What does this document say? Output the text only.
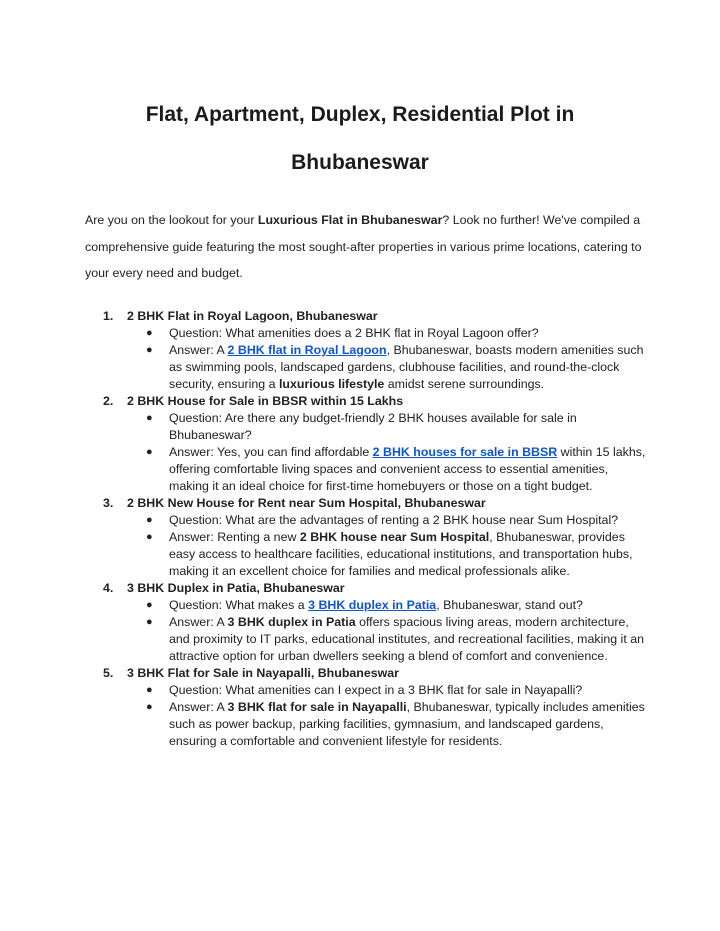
Flat, Apartment, Duplex, Residential Plot in
Bhubaneswar

Are you on the lookout for your Luxurious Flat in Bhubaneswar? Look no further! We've compiled a comprehensive guide featuring the most sought-after properties in various prime locations, catering to your every need and budget.

1. 2 BHK Flat in Royal Lagoon, Bhubaneswar
● Question: What amenities does a 2 BHK flat in Royal Lagoon offer?
● Answer: A 2 BHK flat in Royal Lagoon, Bhubaneswar, boasts modern amenities such as swimming pools, landscaped gardens, clubhouse facilities, and round-the-clock security, ensuring a luxurious lifestyle amidst serene surroundings.
2. 2 BHK House for Sale in BBSR within 15 Lakhs
● Question: Are there any budget-friendly 2 BHK houses available for sale in Bhubaneswar?
● Answer: Yes, you can find affordable 2 BHK houses for sale in BBSR within 15 lakhs, offering comfortable living spaces and convenient access to essential amenities, making it an ideal choice for first-time homebuyers or those on a tight budget.
3. 2 BHK New House for Rent near Sum Hospital, Bhubaneswar
● Question: What are the advantages of renting a 2 BHK house near Sum Hospital?
● Answer: Renting a new 2 BHK house near Sum Hospital, Bhubaneswar, provides easy access to healthcare facilities, educational institutions, and transportation hubs, making it an excellent choice for families and medical professionals alike.
4. 3 BHK Duplex in Patia, Bhubaneswar
● Question: What makes a 3 BHK duplex in Patia, Bhubaneswar, stand out?
● Answer: A 3 BHK duplex in Patia offers spacious living areas, modern architecture, and proximity to IT parks, educational institutes, and recreational facilities, making it an attractive option for urban dwellers seeking a blend of comfort and convenience.
5. 3 BHK Flat for Sale in Nayapalli, Bhubaneswar
● Question: What amenities can I expect in a 3 BHK flat for sale in Nayapalli?
● Answer: A 3 BHK flat for sale in Nayapalli, Bhubaneswar, typically includes amenities such as power backup, parking facilities, gymnasium, and landscaped gardens, ensuring a comfortable and convenient lifestyle for residents.
